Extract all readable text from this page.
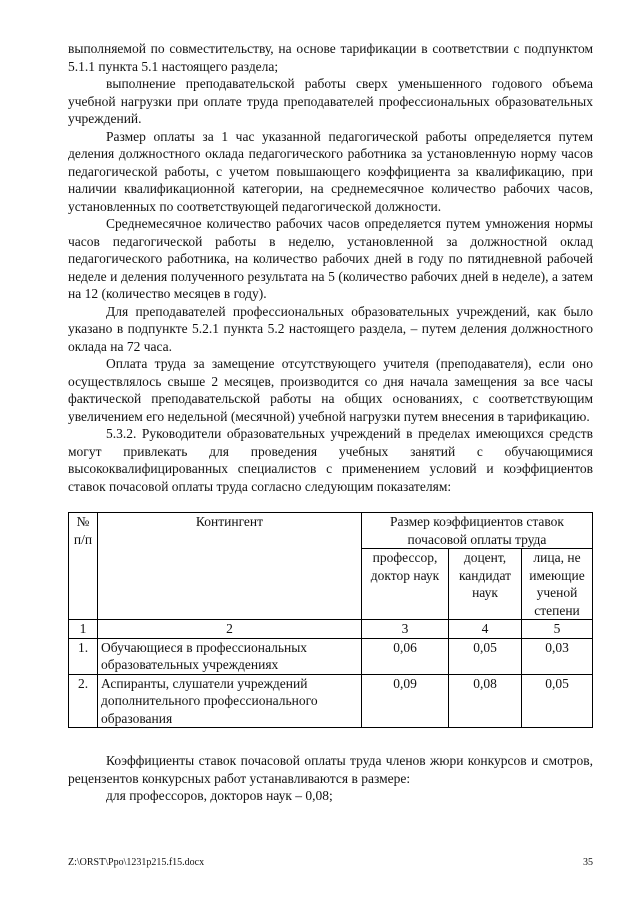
выполняемой по совместительству, на основе тарификации в соответствии с подпунктом 5.1.1 пункта 5.1 настоящего раздела;

выполнение преподавательской работы сверх уменьшенного годового объема учебной нагрузки при оплате труда преподавателей профессиональных образовательных учреждений.

Размер оплаты за 1 час указанной педагогической работы определяется путем деления должностного оклада педагогического работника за установленную норму часов педагогической работы, с учетом повышающего коэффициента за квалификацию, при наличии квалификационной категории, на среднемесячное количество рабочих часов, установленных по соответствующей педагогической должности.

Среднемесячное количество рабочих часов определяется путем умножения нормы часов педагогической работы в неделю, установленной за должностной оклад педагогического работника, на количество рабочих дней в году по пятидневной рабочей неделе и деления полученного результата на 5 (количество рабочих дней в неделе), а затем на 12 (количество месяцев в году).

Для преподавателей профессиональных образовательных учреждений, как было указано в подпункте 5.2.1 пункта 5.2 настоящего раздела, – путем деления должностного оклада на 72 часа.

Оплата труда за замещение отсутствующего учителя (преподавателя), если оно осуществлялось свыше 2 месяцев, производится со дня начала замещения за все часы фактической преподавательской работы на общих основаниях, с соответствующим увеличением его недельной (месячной) учебной нагрузки путем внесения в тарификацию.

5.3.2. Руководители образовательных учреждений в пределах имеющихся средств могут привлекать для проведения учебных занятий с обучающимися высококвалифицированных специалистов с применением условий и коэффициентов ставок почасовой оплаты труда согласно следующим показателям:

№ п/п	Контингент	Размер коэффициентов ставок почасовой оплаты труда		
		профессор, доктор наук	доцент, кандидат наук	лица, не имеющие ученой степени
1	2	3	4	5
1.	Обучающиеся в профессиональных образовательных учреждениях	0,06	0,05	0,03
2.	Аспиранты, слушатели учреждений дополнительного профессионального образования	0,09	0,08	0,05

Коэффициенты ставок почасовой оплаты труда членов жюри конкурсов и смотров, рецензентов конкурсных работ устанавливаются в размере:

для профессоров, докторов наук – 0,08;

Z:\ORST\Ppo\1231p215.f15.docx	35
